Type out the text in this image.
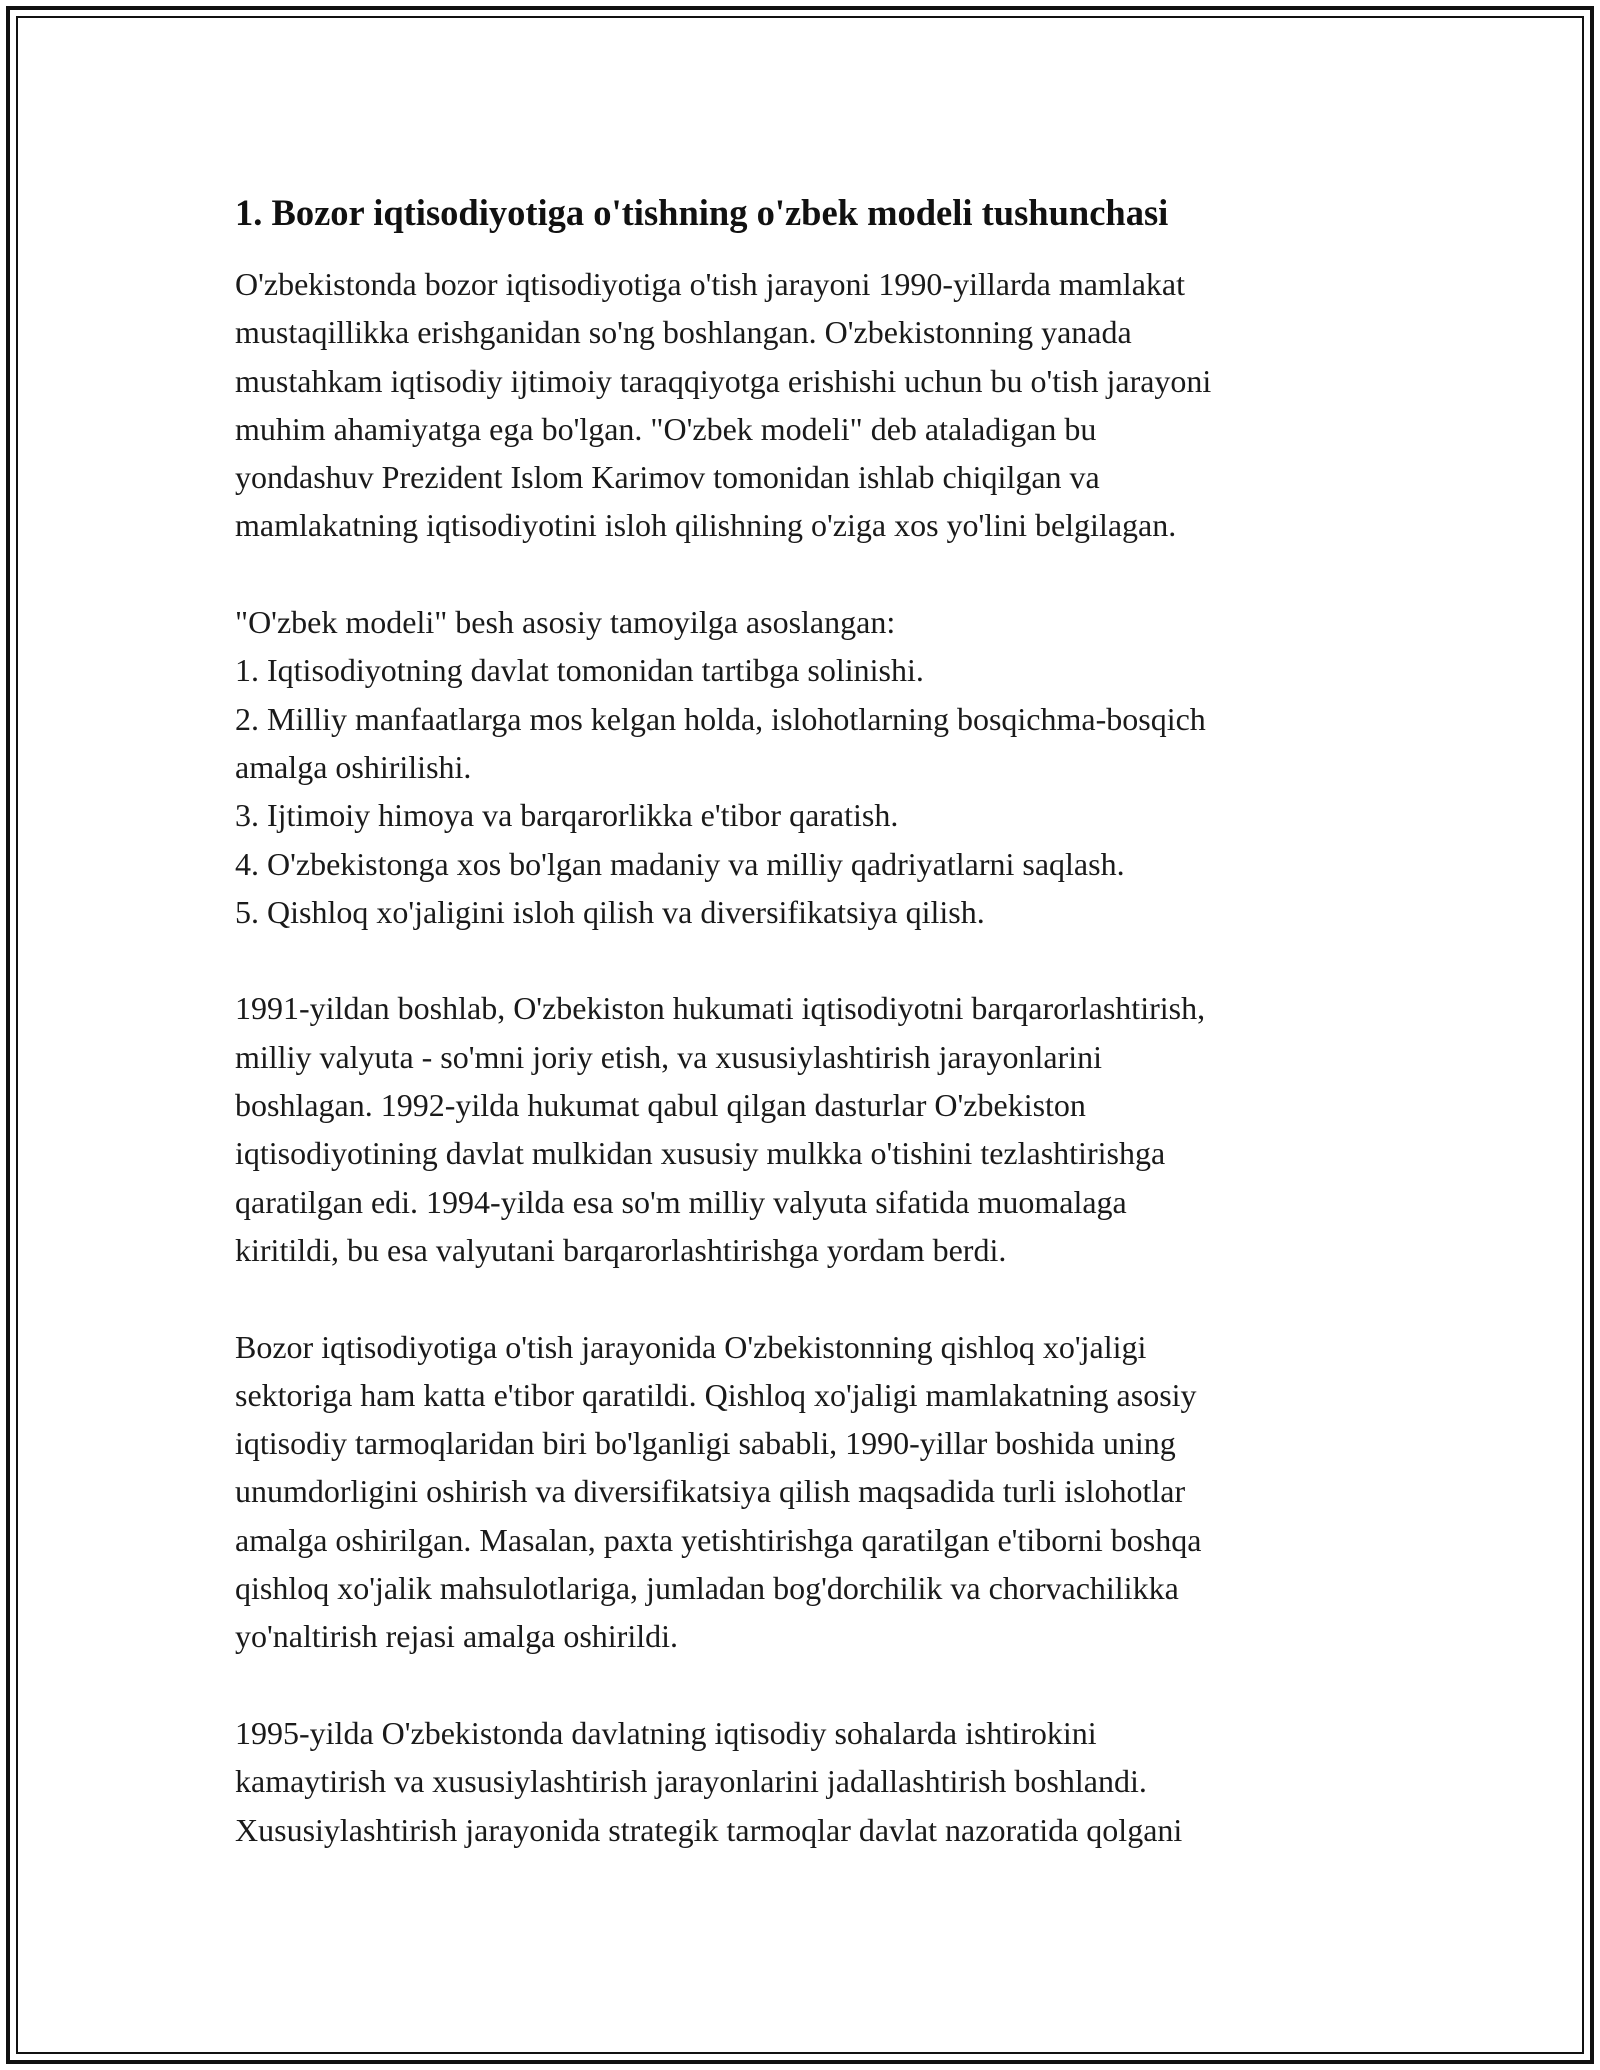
1. Bozor iqtisodiyotiga o'tishning o'zbek modeli tushunchasi
O'zbekistonda bozor iqtisodiyotiga o'tish jarayoni 1990-yillarda mamlakat
mustaqillikka erishganidan so'ng boshlangan. O'zbekistonning yanada
mustahkam iqtisodiy ijtimoiy taraqqiyotga erishishi uchun bu o'tish jarayoni
muhim ahamiyatga ega bo'lgan. "O'zbek modeli" deb ataladigan bu
yondashuv Prezident Islom Karimov tomonidan ishlab chiqilgan va
mamlakatning iqtisodiyotini isloh qilishning o'ziga xos yo'lini belgilagan.
"O'zbek modeli" besh asosiy tamoyilga asoslangan:
1. Iqtisodiyotning davlat tomonidan tartibga solinishi.
2. Milliy manfaatlarga mos kelgan holda, islohotlarning bosqichma-bosqich
amalga oshirilishi.
3. Ijtimoiy himoya va barqarorlikka e'tibor qaratish.
4. O'zbekistonga xos bo'lgan madaniy va milliy qadriyatlarni saqlash.
5. Qishloq xo'jaligini isloh qilish va diversifikatsiya qilish.
1991-yildan boshlab, O'zbekiston hukumati iqtisodiyotni barqarorlashtirish,
milliy valyuta - so'mni joriy etish, va xususiylashtirish jarayonlarini
boshlagan. 1992-yilda hukumat qabul qilgan dasturlar O'zbekiston
iqtisodiyotining davlat mulkidan xususiy mulkka o'tishini tezlashtirishga
qaratilgan edi. 1994-yilda esa so'm milliy valyuta sifatida muomalaga
kiritildi, bu esa valyutani barqarorlashtirishga yordam berdi.
Bozor iqtisodiyotiga o'tish jarayonida O'zbekistonning qishloq xo'jaligi
sektoriga ham katta e'tibor qaratildi. Qishloq xo'jaligi mamlakatning asosiy
iqtisodiy tarmoqlaridan biri bo'lganligi sababli, 1990-yillar boshida uning
unumdorligini oshirish va diversifikatsiya qilish maqsadida turli islohotlar
amalga oshirilgan. Masalan, paxta yetishtirishga qaratilgan e'tiborni boshqa
qishloq xo'jalik mahsulotlariga, jumladan bog'dorchilik va chorvachilikka
yo'naltirish rejasi amalga oshirildi.
1995-yilda O'zbekistonda davlatning iqtisodiy sohalarda ishtirokini
kamaytirish va xususiylashtirish jarayonlarini jadallashtirish boshlandi.
Xususiylashtirish jarayonida strategik tarmoqlar davlat nazoratida qolgani
